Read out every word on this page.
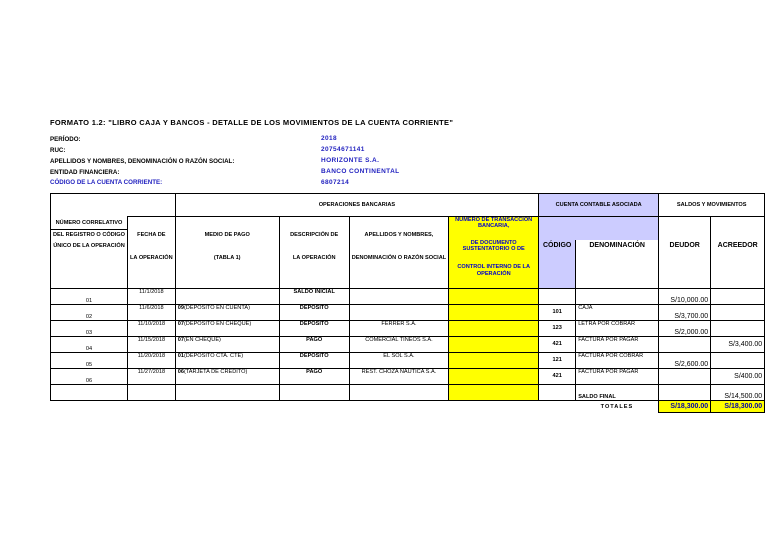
FORMATO 1.2: "LIBRO CAJA Y BANCOS - DETALLE DE LOS MOVIMIENTOS DE LA CUENTA CORRIENTE"
PERÍODO:	2018
RUC:	20754671141
APELLIDOS Y NOMBRES, DENOMINACIÓN O RAZÓN SOCIAL:	HORIZONTE S.A.
ENTIDAD FINANCIERA:	BANCO CONTINENTAL
CÓDIGO DE LA CUENTA CORRIENTE:	6807214
		OPERACIONES BANCARIAS				CUENTA CONTABLE ASOCIADA		SALDOS Y MOVIMIENTOS	
NÚMERO CORRELATIVO					NÚMERO DE TRANSACCIÓN BANCARIA,				
DEL REGISTRO O CÓDIGO	FECHA DE	MEDIO DE PAGO	DESCRIPCIÓN DE	APELLIDOS Y NOMBRES,					
ÚNICO DE LA OPERACIÓN					DE DOCUMENTO SUSTENTATORIO O DE	CÓDIGO	DENOMINACIÓN	DEUDOR	ACREEDOR
	LA OPERACIÓN	(TABLA 1)	LA OPERACIÓN	DENOMINACIÓN O RAZÓN SOCIAL					
					CONTROL INTERNO DE LA OPERACIÓN				
01	11/1/2018		SALDO INICIAL					S/10,000.00	
02	11/6/2018	09(DEPOSITO EN CUENTA)	DEPOSITO			101	CAJA	S/3,700.00	
03	11/10/2018	07(DEPOSITO EN CHEQUE)	DEPOSITO	FERRER S.A.		123	LETRA POR COBRAR	S/2,000.00	
04	11/15/2018	07(EN CHEQUE)	PAGO	COMERCIAL TINEOS S.A.		421	FACTURA POR PAGAR		S/3,400.00
05	11/20/2018	01(DEPOSITO CTA. CTE)	DEPOSITO	EL SOL S.A.		121	FACTURA POR COBRAR	S/2,600.00	
06	11/27/2018	06(TARJETA DE CREDITO)	PAGO	REST. CHOZA NAUTICA S.A.		421	FACTURA POR PAGAR		S/400.00
							SALDO FINAL		S/14,500.00
							TOTALES	S/18,300.00	S/18,300.00
